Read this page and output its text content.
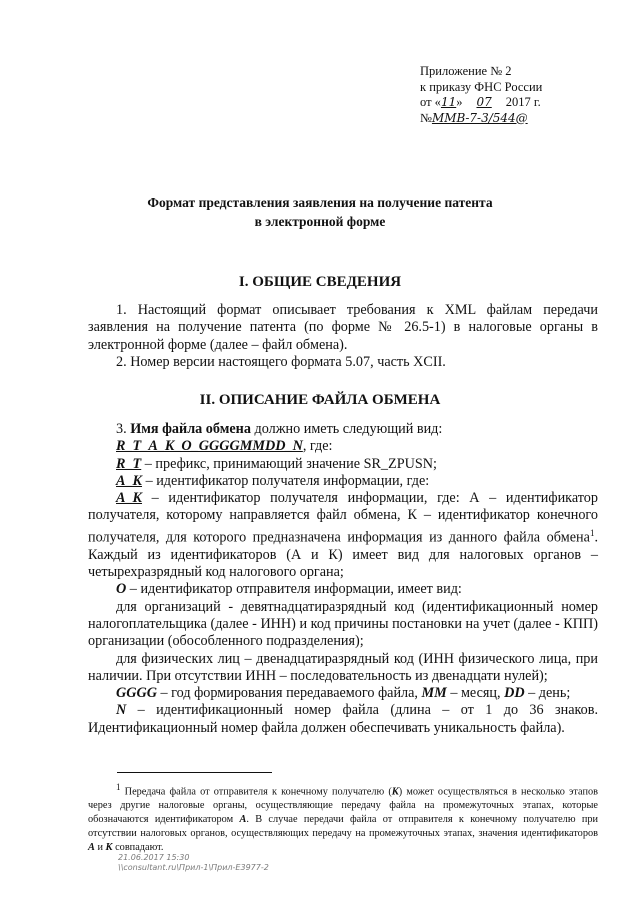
Приложение № 2
к приказу ФНС России
от «11» 07 2017 г.
№ММВ-7-3/544@
Формат представления заявления на получение патента
в электронной форме
I. ОБЩИЕ СВЕДЕНИЯ

1. Настоящий формат описывает требования к XML файлам передачи заявления на получение патента (по форме № 26.5-1) в налоговые органы в электронной форме (далее – файл обмена).

2. Номер версии настоящего формата 5.07, часть XCII.

II. ОПИСАНИЕ ФАЙЛА ОБМЕНА

3. Имя файла обмена должно иметь следующий вид:

R_T_A_K_O_GGGGMMDD_N, где:

R_T – префикс, принимающий значение SR_ZPUSN;

A_K – идентификатор получателя информации, где:

A_K – идентификатор получателя информации, где: А – идентификатор получателя, которому направляется файл обмена, К – идентификатор конечного получателя, для которого предназначена информация из данного файла обмена$^1$. Каждый из идентификаторов (А и К) имеет вид для налоговых органов – четырехразрядный код налогового органа;

O – идентификатор отправителя информации, имеет вид:

для организаций - девятнадцатиразрядный код (идентификационный номер налогоплательщика (далее - ИНН) и код причины постановки на учет (далее - КПП) организации (обособленного подразделения);

для физических лиц – двенадцатиразрядный код (ИНН физического лица, при наличии. При отсутствии ИНН – последовательность из двенадцати нулей);

GGGG – год формирования передаваемого файла, MM – месяц, DD – день;

N – идентификационный номер файла (длина – от 1 до 36 знаков. Идентификационный номер файла должен обеспечивать уникальность файла).

$^1$ Передача файла от отправителя к конечному получателю (К) может осуществляться в несколько этапов через другие налоговые органы, осуществляющие передачу файла на промежуточных этапах, которые обозначаются идентификатором А. В случае передачи файла от отправителя к конечному получателю при отсутствии налоговых органов, осуществляющих передачу на промежуточных этапах, значения идентификаторов А и К совпадают.

21.06.2017 15:30
\\consultant.ru\Прил-1\Прил-Е3977-2
